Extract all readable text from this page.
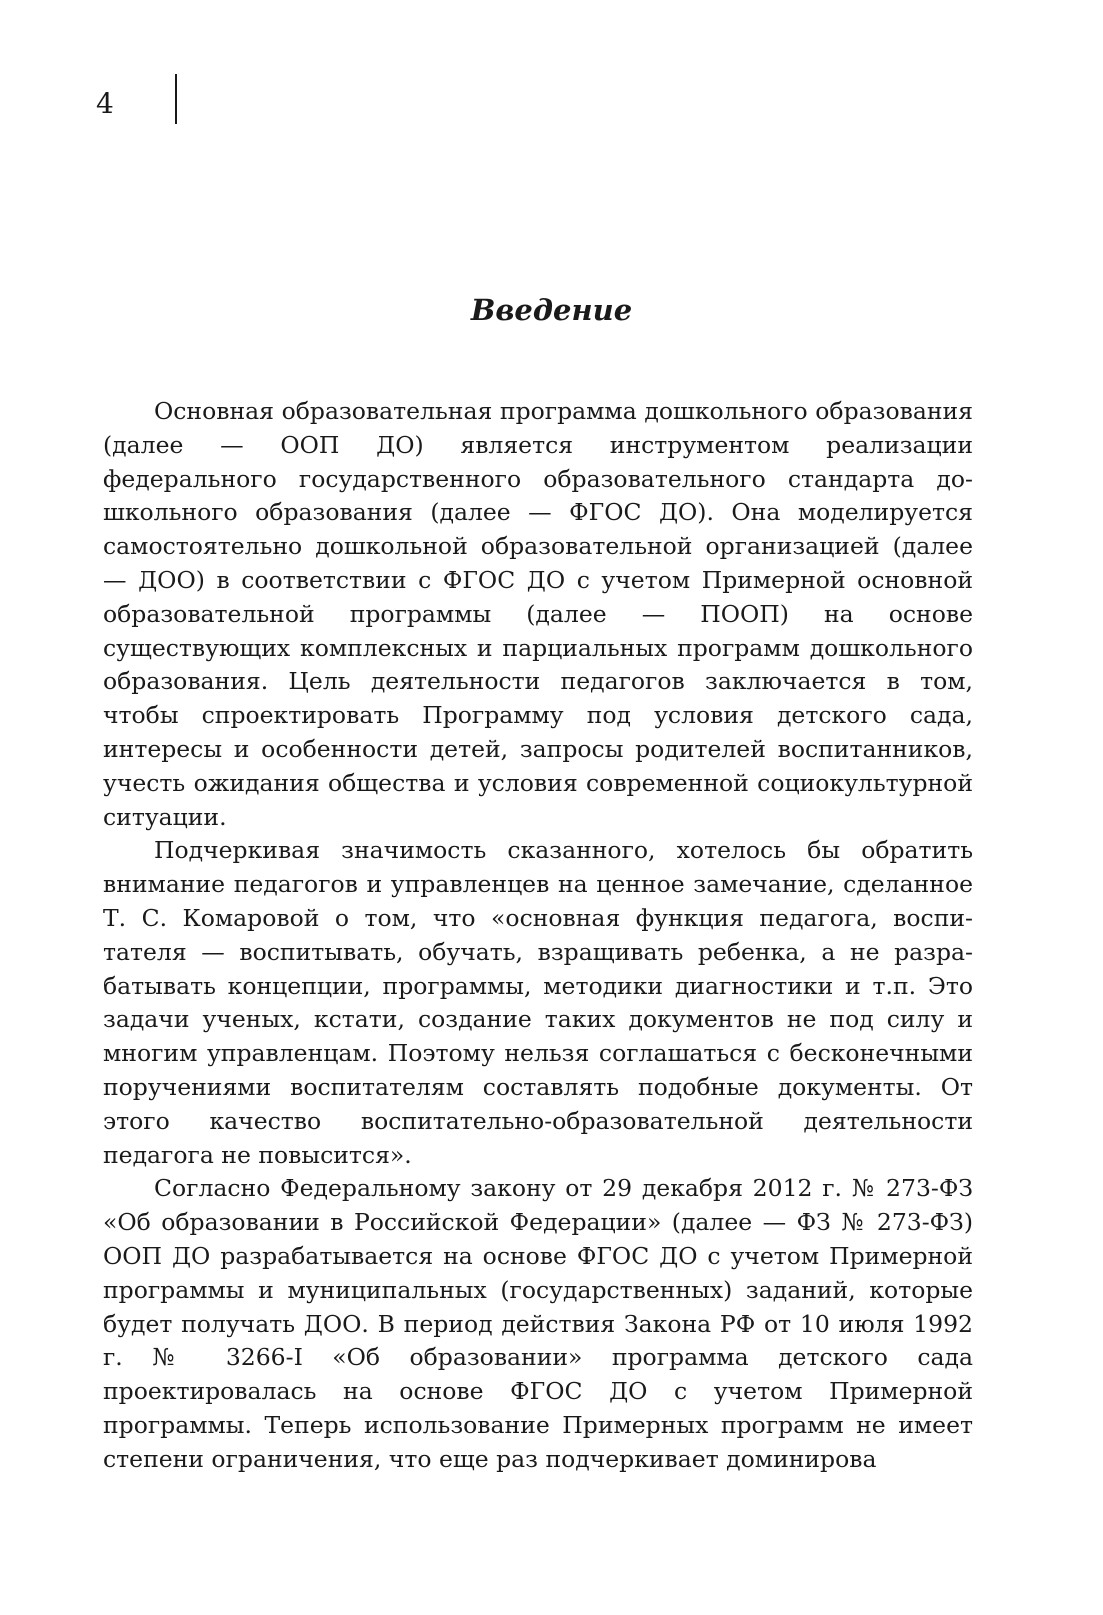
4
Введение

Основная образовательная программа дошкольного образования (далее — ООП ДО) является инструментом реализации федерального государственного образовательного стандарта дошкольного образования (далее — ФГОС ДО). Она моделируется самостоятельно дошкольной образовательной организацией (далее — ДОО) в соответствии с ФГОС ДО с учетом Примерной основной образовательной программы (далее — ПООП) на основе существующих комплексных и парциальных программ дошкольного образования. Цель деятельности педагогов заключается в том, чтобы спроектировать Программу под условия детского сада, интересы и особенности детей, запросы родителей воспитанников, учесть ожидания общества и условия современной социокультурной ситуации.

Подчеркивая значимость сказанного, хотелось бы обратить внимание педагогов и управленцев на ценное замечание, сделанное Т. С. Комаровой о том, что «основная функция педагога, воспитателя — воспитывать, обучать, взращивать ребенка, а не разрабатывать концепции, программы, методики диагностики и т.п. Это задачи ученых, кстати, создание таких документов не под силу и многим управленцам. Поэтому нельзя соглашаться с бесконечными поручениями воспитателям составлять подобные документы. От этого качество воспитательно-образовательной деятельности педагога не повысится».

Согласно Федеральному закону от 29 декабря 2012 г. № 273-ФЗ «Об образовании в Российской Федерации» (далее — ФЗ № 273-ФЗ) ООП ДО разрабатывается на основе ФГОС ДО с учетом Примерной программы и муниципальных (государственных) заданий, которые будет получать ДОО. В период действия Закона РФ от 10 июля 1992 г. № 3266-I «Об образовании» программа детского сада проектировалась на основе ФГОС ДО с учетом Примерной программы. Теперь использование Примерных программ не имеет степени ограничения, что еще раз подчеркивает доминирова
